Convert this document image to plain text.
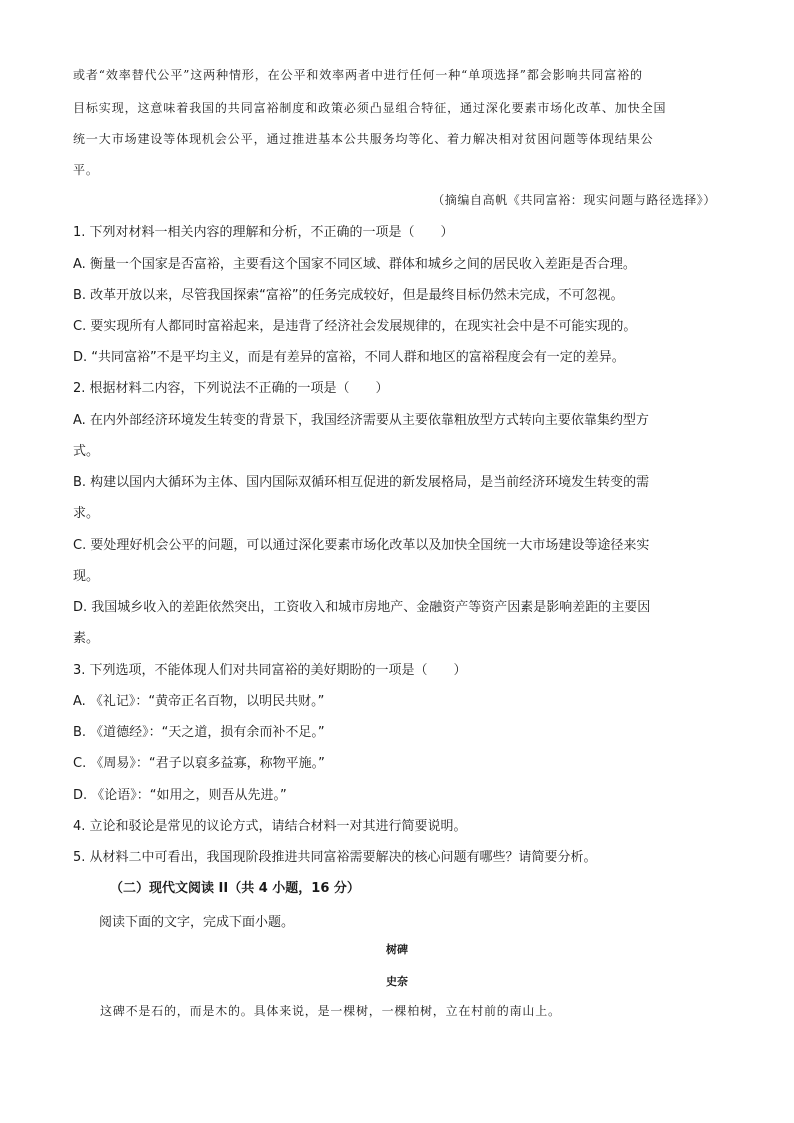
或者“效率替代公平”这两种情形，在公平和效率两者中进行任何一种“单项选择”都会影响共同富裕的
目标实现，这意味着我国的共同富裕制度和政策必须凸显组合特征，通过深化要素市场化改革、加快全国
统一大市场建设等体现机会公平，通过推进基本公共服务均等化、着力解决相对贫困问题等体现结果公
平。
（摘编自高帆《共同富裕：现实问题与路径选择》）
1. 下列对材料一相关内容的理解和分析，不正确的一项是（　　）
A. 衡量一个国家是否富裕，主要看这个国家不同区域、群体和城乡之间的居民收入差距是否合理。
B. 改革开放以来，尽管我国探索“富裕”的任务完成较好，但是最终目标仍然未完成，不可忽视。
C. 要实现所有人都同时富裕起来，是违背了经济社会发展规律的，在现实社会中是不可能实现的。
D. “共同富裕”不是平均主义，而是有差异的富裕，不同人群和地区的富裕程度会有一定的差异。
2. 根据材料二内容，下列说法不正确的一项是（　　）
A. 在内外部经济环境发生转变的背景下，我国经济需要从主要依靠粗放型方式转向主要依靠集约型方
式。
B. 构建以国内大循环为主体、国内国际双循环相互促进的新发展格局，是当前经济环境发生转变的需
求。
C. 要处理好机会公平的问题，可以通过深化要素市场化改革以及加快全国统一大市场建设等途径来实
现。
D. 我国城乡收入的差距依然突出，工资收入和城市房地产、金融资产等资产因素是影响差距的主要因
素。
3. 下列选项，不能体现人们对共同富裕的美好期盼的一项是（　　）
A. 《礼记》：“黄帝正名百物，以明民共财。”
B. 《道德经》：“天之道，损有余而补不足。”
C. 《周易》：“君子以裒多益寡，称物平施。”
D. 《论语》：“如用之，则吾从先进。”
4. 立论和驳论是常见的议论方式，请结合材料一对其进行简要说明。
5. 从材料二中可看出，我国现阶段推进共同富裕需要解决的核心问题有哪些？请简要分析。
（二）现代文阅读 II（共 4 小题，16 分）
阅读下面的文字，完成下面小题。
树碑
史奈
这碑不是石的，而是木的。具体来说，是一棵树，一棵柏树，立在村前的南山上。
